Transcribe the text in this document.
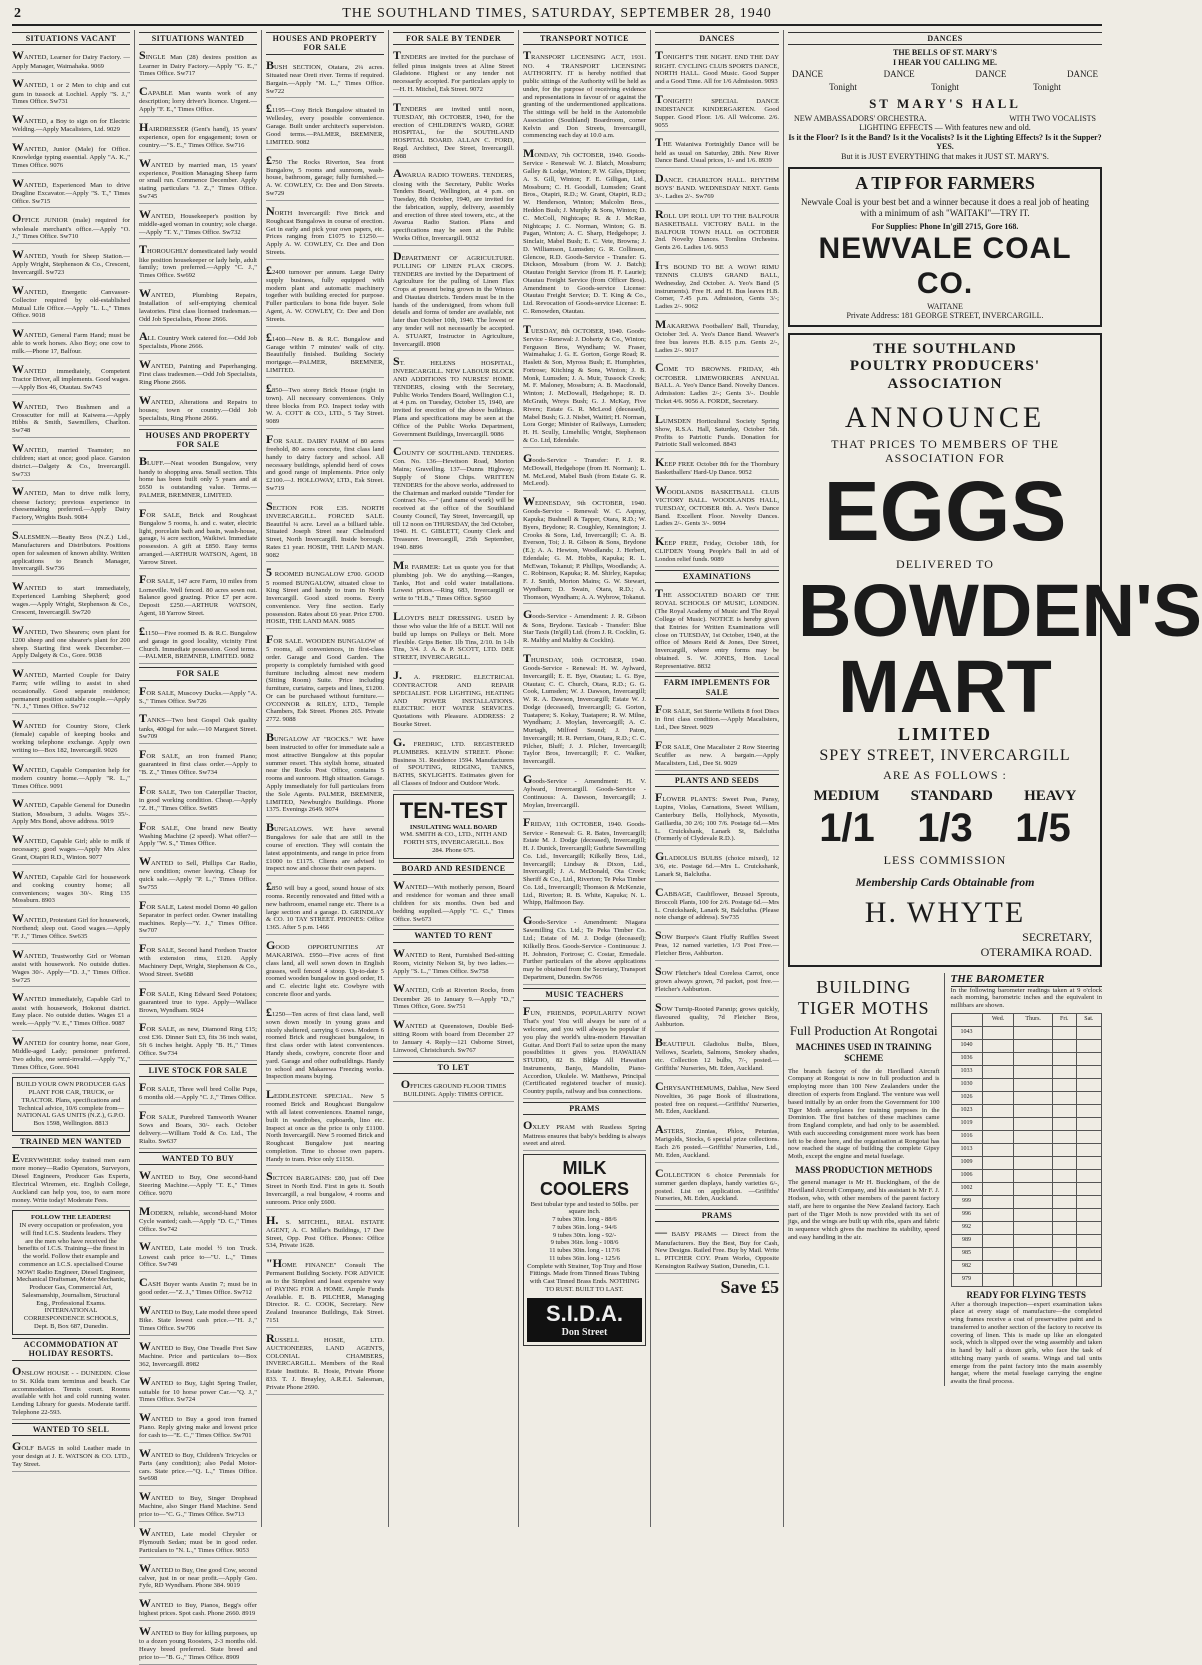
2	THE SOUTHLAND TIMES, SATURDAY, SEPTEMBER 28, 1940
SITUATIONS VACANT
WANTED, Learner for Dairy Factory. —Apply Manager, Waimahaka. 9069
WANTED, 1 or 2 Men to chip and cut gum in tussock at Lochiel. Apply "S. J.," Times Office. Sw731
WANTED, a Boy to sign on for Electric Welding.—Apply Macalisters, Ltd. 9029
WANTED, Junior (Male) for Office. Knowledge typing essential. Apply "A. K.," Times Office. 9076
WANTED, Experienced Man to drive Dragline Excavator.—Apply "S. T.," Times Office. Sw715
OFFICE JUNIOR (male) required for wholesale merchant's office.—Apply "O. J.," Times Office. Sw710
WANTED, Youth for Sheep Station.—Apply Wright, Stephenson & Co., Crescent, Invercargill. Sw723
WANTED, Energetic Canvasser-Collector required by old-established Mutual Life Office.—Apply "L. L.," Times Office. 9018
WANTED, General Farm Hand; must be able to work horses. Also Boy; one cow to milk.—Phone 17, Balfour.
WANTED immediately, Competent Tractor Driver, all implements. Good wages.—Apply Box 46, Otautau. Sw743
WANTED, Two Bushmen and a Crosscutter for mill at Kaiwera.—Apply Hibbs & Smith, Sawmillers, Charlton. Sw748
WANTED, married Teamster; no children; start at once; good place. Garston district.—Dalgety & Co., Invercargill. Sw733
WANTED, Man to drive milk lorry, cheese factory; previous experience in cheesemaking preferred.—Apply Dairy Factory, Wrights Bush. 9084
SALESMEN.—Beatty Bros (N.Z.) Ltd., Manufacturers and Distributors. Positions open for salesmen of known ability. Written applications to Branch Manager, Invercargill. Sw736
WANTED to start immediately, Experienced Lambing Shepherd; good wages.—Apply Wright, Stephenson & Co., Crescent, Invercargill. Sw720
WANTED, Two Shearers; own plant for 1200 sheep and one shearer's plant for 200 sheep. Starting first week December.—Apply Dalgety & Co., Gore. 9038
WANTED, Married Couple for Dairy Farm; wife willing to assist in shed occasionally. Good separate residence; permanent position suitable couple.—Apply "N. J.," Times Office. Sw712
WANTED for Country Store, Clerk (female) capable of keeping books and working telephone exchange. Apply own writing to—Box 182, Invercargill. 9026
WANTED, Capable Companion help for modern country home.—Apply "R. L.," Times Office. 9091
WANTED, Capable General for Dunedin Station, Mossburn, 3 adults. Wages 35/-. Apply Mrs Bond, above address. 9019
WANTED, Capable Girl; able to milk if necessary; good wages.—Apply Mrs Alex Grant, Otapiri R.D., Winton. 9077
WANTED, Capable Girl for housework and cooking country home; all conveniences; wages 30/-. Ring 135 Mossburn. 8903
WANTED, Protestant Girl for housework, Northend; sleep out. Good wages.—Apply "F. J.," Times Office. Sw635
WANTED, Trustworthy Girl or Woman assist with housework. No outside duties. Wages 30/-. Apply—"D. J.," Times Office. Sw725
WANTED immediately, Capable Girl to assist with housework, Hokonui district. Easy place. No outside duties. Wages £1 a week.—Apply "V. E.," Times Office. 9087
WANTED for country home, near Gore, Middle-aged Lady; pensioner preferred. Two adults, one semi-invalid.—Apply "Y.," Times Office, Gore. 9041
BUILD YOUR OWN PRODUCER GAS PLANT FOR CAR, TRUCK, or TRACTOR. Plans, specifications and Technical advice, 10/6 complete from—NATIONAL GAS UNITS (N.Z.), G.P.O. Box 1598, Wellington. 8813
TRAINED MEN WANTED
EVERYWHERE today trained men earn more money—Radio Operators, Surveyors, Diesel Engineers, Producer Gas Experts, Electrical Wiremen, etc. English College, Auckland can help you, too, to earn more money. Write today! Moderate Fees.
FOLLOW THE LEADERS!
IN every occupation or profession, you will find I.C.S. Students leaders. They are the men who have received the benefits of I.C.S. Training—the finest in the world. Follow their example and commence an I.C.S. specialised Course NOW! Radio Engineer, Diesel Engineer, Mechanical Draftsman, Motor Mechanic, Producer Gas, Commercial Art, Salesmanship, Journalism, Structural Eng., Professional Exams. INTERNATIONAL CORRESPONDENCE SCHOOLS, Dept. B, Box 687, Dunedin.
ACCOMMODATION AT HOLIDAY RESORTS.
ONSLOW HOUSE - - DUNEDIN. Close to St. Kilda tram terminus and beach. Car accommodation. Tennis court. Rooms available with hot and cold running water. Lending Library for guests. Moderate tariff. Telephone 22-593.
WANTED TO SELL
GOLF BAGS in solid Leather made in your design at J. E. WATSON & CO. LTD., Tay Street.
SITUATIONS WANTED
SINGLE Man (28) desires position as Learner in Dairy Factory.—Apply "G. E.," Times Office. Sw717
CAPABLE Man wants work of any description; lorry driver's licence. Urgent.—Apply "F. E.," Times Office.
HAIRDRESSER (Gent's hand), 15 years' experience, open for engagement; town or country.—"S. E.," Times Office. Sw716
WANTED by married man, 15 years' experience, Position Managing Sheep farm or small run. Commence December. Apply stating particulars "J. Z.," Times Office. Sw745
WANTED, Housekeeper's position by middle-aged woman in country; sole charge.—Apply "T. Y.," Times Office. Sw732
THOROUGHLY domesticated lady would like position housekeeper or lady help, adult family; town preferred.—Apply "C. J.," Times Office. Sw692
WANTED, Plumbing Repairs, Installation of self-emptying chemical lavatories. First class licensed tradesman.—Odd Job Specialists, Phone 2666.
ALL Country Work catered for.—Odd Job Specialists, Phone 2666.
WANTED, Painting and Paperhanging. First class tradesmen.—Odd Job Specialists, Ring Phone 2666.
WANTED, Alterations and Repairs to houses; town or country.—Odd Job Specialists, Ring Phone 2666.
HOUSES AND PROPERTY FOR SALE
BLUFF.—Neat wooden Bungalow, very handy to shopping area. Small section. This home has been built only 5 years and at £650 is outstanding value. Terms.—PALMER, BREMNER, LIMITED.
FOR SALE, Brick and Roughcast Bungalow 5 rooms, h. and c. water, electric light, porcelain bath and basin, wash-house, garage, ¼ acre section, Waikiwi. Immediate possession. A gift at £850. Easy terms arranged.—ARTHUR WATSON, Agent, 18 Yarrow Street.
FOR SALE, 147 acre Farm, 10 miles from Lorneville. Well fenced. 80 acres sown out. Balance good grazing. Price £7 per acre. Deposit £250.—ARTHUR WATSON, Agent, 18 Yarrow Street.
£1150—Five roomed B. & R.C. Bungalow and garage in good locality, vicinity First Church. Immediate possession. Good terms.—PALMER, BREMNER, LIMITED. 9082
FOR SALE
FOR SALE, Muscovy Ducks.—Apply "A. S.," Times Office. Sw726
TANKS—Two best Gospel Oak quality tanks, 400gal for sale.—10 Margaret Street. Sw709
FOR SALE, an iron framed Piano; guaranteed in first class order.—Apply to "B. Z.," Times Office. Sw734
FOR SALE, Two ton Caterpillar Tractor, in good working condition. Cheap.—Apply "Z. H.," Times Office. Sw685
FOR SALE, One brand new Beatty Washing Machine (2 speed). What offer?—Apply "W. S.," Times Office.
WANTED to Sell, Phillips Car Radio, new condition; owner leaving. Cheap for quick sale.—Apply "P. L.," Times Office. Sw755
FOR SALE, Latest model Domo 40 gallon Separator in perfect order. Owner installing machines. Reply—"Y. J.," Times Office. Sw707
FOR SALE, Second hand Fordson Tractor with extension rims, £120. Apply Machinery Dept, Wright, Stephenson & Co., Wood Street. Sw688
FOR SALE, King Edward Seed Potatoes; guaranteed true to type. Apply—Wallace Brown, Wyndham. 9024
FOR SALE, as new, Diamond Ring £15; cost £36. Dinner Suit £3, fits 36 inch waist, 5ft 6 inches height. Apply "B. H.," Times Office. Sw734
LIVE STOCK FOR SALE
FOR SALE, Three well bred Collie Pups, 6 months old.—Apply "C. J.," Times Office.
FOR SALE, Purebred Tamworth Weaner Sows and Boars, 30/- each. October delivery.—William Todd & Co. Ltd., The Rialto. Sw637
WANTED TO BUY
WANTED to Buy, One second-hand Steering Machine.—Apply "T. E.," Times Office. 9070
MODERN, reliable, second-hand Motor Cycle wanted; cash.—Apply "D. C.," Times Office. Sw742
WANTED, Late model ½ ton Truck. Lowest cash price to—"U. L.," Times Office. Sw749
CASH Buyer wants Austin 7; must be in good order.—"Z. J.," Times Office. Sw712
WANTED to Buy, Late model three speed Bike. State lowest cash price.—"H. J.," Times Office. Sw706
WANTED to Buy, One Treadle Fret Saw Machine. Price and particulars to—Box 362, Invercargill. 8982
WANTED to Buy, Light Spring Trailer, suitable for 10 horse power Car.—"Q. J.," Times Office. Sw724
WANTED to Buy a good iron framed Piano. Reply giving make and lowest price for cash to—"E. C.," Times Office. Sw701
WANTED to Buy, Children's Tricycles or Parts (any condition); also Pedal Motor-cars. State price.—"Q. L.," Times Office. Sw698
WANTED to Buy, Singer Drophead Machine, also Singer Hand Machine. Send price to—"C. G.," Times Office. Sw713
WANTED, Late model Chrysler or Plymouth Sedan; must be in good order. Particulars to "N. L.," Times Office. 9053
WANTED to Buy, One good Cow, second calver, just in or near profit.—Apply Geo. Fyfe, RD Wyndham. Phone 384. 9019
WANTED to Buy, Pianos, Begg's offer highest prices. Spot cash. Phone 2660. 8919
WANTED to Buy for killing purposes, up to a dozen young Roosters, 2-3 months old. Heavy breed preferred. State breed and price to—"B. G.," Times Office. 8909
HOUSES AND PROPERTY FOR SALE
BUSH SECTION, Otatara, 2¼ acres. Situated near Oreti river. Terms if required. Bargain.—Apply "M. L.," Times Office. Sw722
£1195—Cosy Brick Bungalow situated in Wellesley, every possible convenience. Garage. Built under architect's supervision. Good terms.—PALMER, BREMNER, LIMITED. 9082
£750 The Rocks Riverton, Sea front Bungalow, 5 rooms and sunroom, wash-house, bathroom, garage; fully furnished.—A. W. COWLEY, Cr. Dee and Don Streets. Sw729
NORTH Invercargill: Five Brick and Roughcast Bungalows in course of erection. Get in early and pick your own papers, etc. Prices ranging from £1075 to £1250.—Apply A. W. COWLEY, Cr. Dee and Don Streets.
£2400 turnover per annum. Large Dairy supply business, fully equipped with modern plant and automatic machinery together with building erected for purpose. Fuller particulars to bona fide buyer. Sole Agent, A. W. COWLEY, Cr. Dee and Don Streets.
£1400—New B. & R.C. Bungalow and Garage within 7 minutes' walk of city. Beautifully finished. Building Society mortgage.—PALMER, BREMNER, LIMITED.
£850—Two storey Brick House (right in town). All necessary conveniences. Only three blocks from P.O. Inspect today with W. A. COTT & CO., LTD., 5 Tay Street. 9089
FOR SALE. DAIRY FARM of 80 acres freehold, 80 acres concrete, first class land handy to dairy factory and school. All necessary buildings, splendid herd of cows and good range of implements. Price only £2100.—J. HOLLOWAY, LTD., Esk Street. Sw719
SECTION FOR £35. NORTH INVERCARGILL. FORCED SALE. Beautiful ¼ acre. Level as a billiard table. Situated Joseph Street near Chelmsford Street, North Invercargill. Inside borough. Rates £1 year. HOSIE, THE LAND MAN. 9082
5 ROOMED BUNGALOW £700. GOOD 5 roomed BUNGALOW, situated close to King Street and handy to tram in North Invercargill. Good sized rooms. Every convenience. Very fine section. Early possession. Rates about £6 year. Price £700. HOSIE, THE LAND MAN. 9085
FOR SALE. WOODEN BUNGALOW of 5 rooms, all conveniences, in first-class order. Garage and Good Garden. The property is completely furnished with good furniture including almost new modern (Sitting Room) Suite. Price including furniture, curtains, carpets and lines, £1200. Or can be purchased without furniture.—O'CONNOR & RILEY, LTD., Temple Chambers, Esk Street. Phones 265. Private 2772. 9088
BUNGALOW AT "ROCKS." WE have been instructed to offer for immediate sale a most attractive Bungalow at this popular summer resort. This stylish home, situated near the Rocks Post Office, contains 5 rooms and sunroom. High situation. Garage. Apply immediately for full particulars from the Sole Agents. PALMER, BREMNER, LIMITED, Newburgh's Buildings. Phone 1375. Evenings 2649. 9074
BUNGALOWS. WE have several Bungalows for sale that are still in the course of erection. They will contain the latest appointments, and range in price from £1000 to £1175. Clients are advised to inspect now and choose their own papers.
£850 will buy a good, sound house of six rooms. Recently renovated and fitted with a new bathroom, enamel range etc. There is a large section and a garage. D. GRINDLAY & CO. 10 TAY STREET. PHONES: Office 1365. After 5 p.m. 1466
GOOD OPPORTUNITIES AT MAKARIWA. £950—Five acres of first class land, all well sown down in English grasses, well fenced 4 stoop. Up-to-date 5 roomed wooden bungalow in good order, H. and C. electric light etc. Cowbyre with concrete floor and yards.
£1250—Ten acres of first class land, well sown down mostly in young grass and nicely sheltered, carrying 6 cows. Modern 6 roomed Brick and roughcast bungalow, in first class order with latest conveniences. Handy sheds, cowbyre, concrete floor and yard. Garage and other outbuildings. Handy to school and Makarewa Freezing works. Inspection means buying.
LEDDLESTONE SPECIAL. New 5 roomed Brick and Roughcast Bungalow with all latest conveniences. Enamel range, built in wardrobes, cupboards, lino etc. Inspect at once as the price is only £1100. North Invercargill. New 5 roomed Brick and Roughcast Bungalow just nearing completion. Time to choose own papers. Handy to tram. Price only £1150.
SICTON BARGAINS: £80, just off Dee Street in North End. First in gets it. South Invercargill, a real bungalow, 4 rooms and sunroom. Price only £600.
H. S. MITCHEL, REAL ESTATE AGENT, A. C. Millar's Buildings, 17 Dee Street, Opp. Post Office. Phones: Office 534, Private 1628.
"HOME FINANCE" Consult The Permanent Building Society. FOR ADVICE as to the Simplest and least expensive way of PAYING FOR A HOME. Ample Funds Available. E. B. PILCHER, Managing Director. R. C. COOK, Secretary. New Zealand Insurance Buildings, Esk Street. 7151
RUSSELL HOSIE, LTD. AUCTIONEERS, LAND AGENTS, COLONIAL CHAMBERS, INVERCARGILL. Members of the Real Estate Institute. R. Hosie, Private Phone 833. T. J. Breayley, A.R.E.I. Salesman, Private Phone 2690.
FOR SALE BY TENDER
TENDERS are invited for the purchase of felled pinus insignis trees at Aline Street Gladstone. Highest or any tender not necessarily accepted. For particulars apply to—H. H. Mitchel, Esk Street. 9072
TENDERS are invited until noon, TUESDAY, 8th OCTOBER, 1940, for the erection of CHILDREN'S WARD, GORE HOSPITAL, for the SOUTHLAND HOSPITAL BOARD. ALLAN C. FORD, Regd. Architect, Dee Street, Invercargill. 8988
AWARUA RADIO TOWERS. TENDERS, closing with the Secretary, Public Works Tenders Board, Wellington, at 4 p.m. on Tuesday, 8th October, 1940, are invited for the fabrication, supply, delivery, assembly and erection of three steel towers, etc., at the Awarua Radio Station. Plans and specifications may be seen at the Public Works Office, Invercargill. 9032
DEPARTMENT OF AGRICULTURE. PULLING OF LINEN FLAX CROPS. TENDERS are invited by the Department of Agriculture for the pulling of Linen Flax Crops at present being grown in the Winton and Otautau districts. Tenders must be in the hands of the undersigned, from whom full details and forms of tender are available, not later than October 10th, 1940. The lowest or any tender will not necessarily be accepted. A. STUART, Instructor in Agriculture, Invercargill. 8908
ST. HELENS HOSPITAL, INVERCARGILL. NEW LABOUR BLOCK AND ADDITIONS TO NURSES' HOME. TENDERS, closing with the Secretary, Public Works Tenders Board, Wellington C.1, at 4 p.m. on Tuesday, October 15, 1940, are invited for erection of the above buildings. Plans and specifications may be seen at the Office of the Public Works Department, Government Buildings, Invercargill. 9086
COUNTY OF SOUTHLAND. TENDERS. Con. No. 136—Hewitson Road, Morton Mains; Gravelling. 137—Dunns Highway; Supply of Stone Chips. WRITTEN TENDERS for the above works, addressed to the Chairman and marked outside "Tender for Contract No. —" (and name of work) will be received at the office of the Southland County Council, Tay Street, Invercargill, up till 12 noon on THURSDAY, the 3rd October, 1940. H. C. GIBLETT, County Clerk and Treasurer. Invercargill, 25th September, 1940. 8896
MR FARMER: Let us quote you for that plumbing job. We do anything.—Ranges, Tanks, Hot and cold water installations. Lowest prices.—Ring 683, Invercargill or write to "H.B.," Times Office. Sg560
LLOYD'S BELT DRESSING. USED by those who value the life of a BELT. Will not build up lumps on Pulleys or Belt. More Flexible. Grips Better. 1lb Tins, 2/10. In 1-lb Tins, 3/4. J. A. & P. SCOTT, LTD. DEE STREET, INVERCARGILL.
J. A. FREDRIC. ELECTRICAL CONTRACTOR AND REPAIR SPECIALIST. FOR LIGHTING, HEATING AND POWER INSTALLATIONS. ELECTRIC HOT WATER SERVICES. Quotations with Pleasure. ADDRESS: 2 Bourke Street.
G. FREDRIC, LTD. REGISTERED PLUMBERS. KELVIN STREET. Phone: Business 31. Residence 1594. Manufacturers of SPOUTING, RIDGING, TANKS, BATHS, SKYLIGHTS. Estimates given for all Classes of Indoor and Outdoor Work.
TEN-TEST
INSULATING WALL BOARD
WM. SMITH & CO., LTD., NITH AND FORTH STS, INVERCARGILL. Box 284. Phone 675.
BOARD AND RESIDENCE
WANTED—With motherly person, Board and residence for woman and three small children for six months. Own bed and bedding supplied.—Apply "C. C.," Times Office. Sw673
WANTED TO RENT
WANTED to Rent, Furnished Bed-sitting Room, vicinity Nelson St, by two ladies.—Apply "S. L.," Times Office. Sw758
WANTED, Crib at Riverton Rocks, from December 26 to January 9.—Apply "D.," Times Office, Gore. Sw751
WANTED at Queenstown, Double Bed-sitting Room with board from December 27 to January 4. Reply—121 Osborne Street, Linwood, Christchurch. Sw767
TO LET
OFFICES GROUND FLOOR TIMES BUILDING. Apply: TIMES OFFICE.
TRANSPORT NOTICE
TRANSPORT LICENSING ACT, 1931. NO. 4 TRANSPORT LICENSING AUTHORITY. IT is hereby notified that public sittings of the Authority will be held as under, for the purpose of receiving evidence and representations in favour of or against the granting of the undermentioned applications. The sittings will be held in the Automobile Association (Southland) Boardroom, corner Kelvin and Don Streets, Invercargill, commencing each day at 10.0 a.m.
MONDAY, 7th OCTOBER, 1940. Goods-Service - Renewal: W. J. Blatch, Mossburn; Galley & Lodge, Winton; P. W. Giles, Dipton; A. S. Gill, Winton; F. E. Gilligan, Ltd., Mossburn; C. H. Goodall, Lumsden; Grant Bros., Otapiri, R.D.; W. Grant, Otapiri, R.D.; W. Henderson, Winton; Malcolm Bros., Heddon Bush; J. Murphy & Sons, Winton; D. C. McColl, Nightcaps; R. & J. McRae, Nightcaps; J. C. Norman, Winton; G. B. Pagan, Winton; A. C. Sharp, Hedgehope; J. Sinclair, Mabel Bush; E. C. Vete, Browns; J. D. Williamson, Lumsden; G. R. Collinson, Glencoe, R.D. Goods-Service - Transfer: G. Dickson, Mossburn (from W. J. Batch); Otautau Freight Service (from H. F. Laurie); Otautau Freight Service (from Officer Bros). Amendment to Goods-service License: Otautau Freight Service; D. T. King & Co., Ltd. Revocation of Goods-service License: E. C. Renowden, Otautau.
TUESDAY, 8th OCTOBER, 1940. Goods-Service - Renewal: J. Doherty & Co., Winton; Ferguson Bros, Wyndham; W. Fraser, Waimahaka; J. G. E. Gorton, Gorge Road; R. Haslett & Son, Myross Bush; E. Humphries, Fortrose; Kitching & Sons, Winton; J. B. Monk, Lumsden; J. A. Muir, Tussock Creek; M. F. Maloney, Mossburn; A. B. Macdonald, Winton; J. McDowall, Hedgehope; R. D. McGrath, Wreys Bush; G. J. McKay, Five Rivers; Estate G. R. McLeod (deceased), Mabel Bush; G. J. Nisbet, Waitiri; H. Norman, Lora Gorge; Minister of Railways, Lumsden; H. H. Scully, Limehills; Wright, Stephenson & Co. Ltd, Edendale.
Goods-Service - Transfer: F. J. R. McDowall, Hedgehope (from H. Norman); L. M. McLeod, Mabel Bush (from Estate G. R. McLeod).
WEDNESDAY, 9th OCTOBER, 1940. Goods-Service - Renewal: W. C. Aspray, Kapuka; Bushnell & Tapper, Otara, R.D.; W. Byers, Brydone; R. Coughley, Kennington; J. Crooks & Sons, Ltd, Invercargill; C. A. B. Everson, Toi; J. R. Gibson & Sons, Brydone (E.); A. A. Hewton, Woodlands; J. Herbert, Edendale; G. M. Hobbs, Kapuka; R. L. McEwan, Tokanui; P. Phillips, Woodlands; A. C. Robinson, Kapuka; R. M. Shirley, Kapuka; F. J. Smith, Morton Mains; G. W. Stewart, Wyndham; D. Swain, Otara, R.D.; A. Thomson, Wyndham; A. A. Wybrow, Tokanui.
Goods-Service - Amendment: J. R. Gibson & Sons, Brydone. Taxicab - Transfer: Blue Star Taxis (In'gill) Ltd. (from J. R. Cocklin, G. R. Maltby and Maltby & Cocklin).
THURSDAY, 10th OCTOBER, 1940. Goods-Service - Renewal: H. W. Aylward, Invercargill; E. E. Bye, Otautau; L. G. Bye, Otautau; C. C. Church, Otara, R.D.; G. G. Cook, Lumsden; W. J. Dawson, Invercargill; W. R. A. Dawson, Invercargill; Estate W. J. Dodge (deceased), Invercargill; G. Gorton, Tuatapere; S. Kokay, Tuatapere; R. W. Milne, Wyndham; J. Moylan, Invercargill; A. C. Murtagh, Milford Sound; J. Paton, Invercargill; H. R. Perriam, Otara, R.D.; C. C. Pilcher, Bluff; J. J. Pilcher, Invercargill; Taylor Bros, Invercargill; F. C. Walker, Invercargill.
Goods-Service - Amendment: H. V. Aylward, Invercargill. Goods-Service - Continuous: A. Dawson, Invercargill; J. Moylan, Invercargill.
FRIDAY, 11th OCTOBER, 1940. Goods-Service - Renewal: G. R. Bates, Invercargill; Estate M. J. Dodge (deceased), Invercargill; H. J. Dunick, Invercargill; Guthrie Sawmilling Co. Ltd., Invercargill; Kilkelly Bros, Ltd., Invercargill; Lindsay & Dixon, Ltd., Invercargill; J. A. McDonald, Ota Creek; Sheriff & Co., Ltd., Riverton; Te Peka Timber Co. Ltd., Invercargill; Thomson & McKenzie, Ltd., Riverton; R. B. White, Kapuka; N. L. Whipp, Halfmoon Bay.
Goods-Service - Amendment: Niagara Sawmilling Co. Ltd.; Te Peka Timber Co. Ltd.; Estate of M. J. Dodge (deceased); Kilkelly Bros. Goods-Service - Continuous: J. H. Johnston, Fortrose; C. Costar, Ermedale. Further particulars of the above applications may be obtained from the Secretary, Transport Department, Dunedin. Sw766
MUSIC TEACHERS
FUN, FRIENDS, POPULARITY NOW! That's you! You will always be sure of a welcome, and you will always be popular if you play the world's ultra-modern Hawaiian Guitar. And Don't Fail to seize upon the many possibilities it gives you. HAWAIIAN STUDIO, 82 B. Bldgs All Hawaiian Instruments, Banjo, Mandolin, Piano-Accordion, Ukulele. W. Matthews, Principal (Certificated registered teacher of music). Country pupils, railway and bus connections.
PRAMS
OXLEY PRAM with Rustless Spring Mattress ensures that baby's bedding is always sweet and aired.
MILK COOLERS
Best tubular type and tested to 50lbs. per square inch.
7 tubes 30in. long - 88/6
7 tubes 36in. long - 94/6
9 tubes 30in. long - 92/-
9 tubes 36in. long - 108/6
11 tubes 30in. long - 117/6
11 tubes 36in. long - 125/6
Complete with Strainer, Top Tray and Hose Fittings. Made from Tinned Brass Tubing with Cast Tinned Brass Ends. NOTHING TO RUST. BUILT TO LAST.
S.I.D.A.
Don Street
DANCES
TONIGHT'S THE NIGHT. END THE DAY RIGHT. CYCLING CLUB SPORTS DANCE, NORTH HALL. Good Music. Good Supper and a Good Time. All for 1/6 Admission. 9093
TONIGHT!! SPECIAL DANCE INDISTANCE KINDERGARTEN. Good Supper. Good Floor. 1/6. All Welcome. 2/6. 9055
THE Waianiwa Fortnightly Dance will be held as usual on Saturday, 28th. New River Dance Band. Usual prices, 1/- and 1/6. 8939
DANCE. CHARLTON HALL. RHYTHM BOYS' BAND. WEDNESDAY NEXT. Gents 3/-. Ladies 2/-. Sw769
ROLL UP! ROLL UP! TO THE BALFOUR BASKETBALL VICTORY BALL in the BALFOUR TOWN HALL on OCTOBER 2nd. Novelty Dances. Tomlins Orchestra. Gents 2/6. Ladies 1/6. 9053
IT'S BOUND TO BE A WOW! RIMU TENNIS CLUB'S GRAND BALL, Wednesday, 2nd October. A. Yeo's Band (5 instruments). Free H. and H. Bus leaves H.B. Corner, 7.45 p.m. Admission, Gents 3/-; Ladies 2/-. 9062
MAKAREWA Footballers' Ball, Thursday, October 3rd. A. Yeo's Dance Band. Weaver's free bus leaves H.B. 8.15 p.m. Gents 2/-, Ladies 2/-. 9017
COME TO BROWNS. FRIDAY, 4th OCTOBER. LIMEWORKERS ANNUAL BALL. A. Yeo's Dance Band. Novelty Dances. Admission: Ladies 2/-; Gents 3/-. Double Ticket 4/6. 9056 A. FORDE, Secretary.
LUMSDEN Horticultural Society Spring Show, R.S.A. Hall, Saturday, October 5th. Profits to Patriotic Funds. Donation for Patriotic Stall welcomed. 8843
KEEP FREE October 8th for the Thornbury Basketballers' Hard-Up Dance. 9052
WOODLANDS BASKETBALL CLUB VICTORY BALL. WOODLANDS HALL, TUESDAY, OCTOBER 8th. A. Yeo's Dance Band. Excellent Floor. Novelty Dances. Ladies 2/-. Gents 3/-. 9094
KEEP FREE, Friday, October 18th, for CLIFDEN Young People's Ball in aid of London relief funds. 9089
EXAMINATIONS
THE ASSOCIATED BOARD OF THE ROYAL SCHOOLS OF MUSIC, LONDON. (The Royal Academy of Music and The Royal College of Music). NOTICE is hereby given that Entries for Written Examinations will close on TUESDAY, 1st October, 1940, at the office of Messrs Reid & Jones, Dee Street, Invercargill, where entry forms may be obtained. S. W. JONES, Hon. Local Representative. 8832
FARM IMPLEMENTS FOR SALE
FOR SALE, Set Sterrie Willetts 8 foot Discs in first class condition.—Apply Macalisters, Ltd., Dee Street. 9029
FOR SALE, One Macalister 2 Row Steering Scuffler as new. A bargain.—Apply Macalisters, Ltd., Dee St. 9029
PLANTS AND SEEDS
FLOWER PLANTS: Sweet Peas, Pansy, Lupins, Violas, Carnations, Sweet William, Canterbury Bells, Hollyhock, Myosotis, Gaillardia, 30 2/6; 100 7/6. Postage 6d.—Mrs L. Cruickshank, Lanark St, Balclutha (Formerly of Clydevale R.D.).
GLADIOLUS BULBS (choice mixed), 12 3/6, etc. Postage 6d.—Mrs L. Cruickshank, Lanark St, Balclutha.
CABBAGE, Cauliflower, Brussel Sprouts, Broccoli Plants, 100 for 2/6. Postage 6d.—Mrs L. Cruickshank, Lanark St, Balclutha. (Please note change of address). Sw735
SOW Burpee's Giant Fluffy Ruffles Sweet Peas, 12 named varieties, 1/3 Post Free.—Fletcher Bros, Ashburton.
SOW Fletcher's Ideal Coreless Carrot, once grown always grown, 7d packet, post free.—Fletcher's Ashburton.
SOW Turnip-Rooted Parsnip; grows quickly, flavoured quality, 7d Fletcher Bros, Ashburton.
BEAUTIFUL Gladiolus Bulbs, Blues, Yellows, Scarlets, Salmons, Smokey shades, etc. Collection 12 bulbs, 7/-, posted.—Griffiths' Nurseries, Mt. Eden, Auckland.
CHRYSANTHEMUMS, Dahlias, New Seed Novelties, 36 page Book of illustrations, posted free on request.—Griffiths' Nurseries, Mt. Eden, Auckland.
ASTERS, Zinnias, Phlox, Petunias, Marigolds, Stocks, 6 special prize collections. Each 2/6 posted.—Griffiths' Nurseries, Ltd., Mt. Eden, Auckland.
COLLECTION 6 choice Perennials for summer garden displays, handy varieties 6/-, posted. List on application. —Griffiths' Nurseries, Mt. Eden, Auckland.
PRAMS
— BABY PRAMS — Direct from the Manufacturers. Buy the Best, Buy for Cash, New Designs. Railed Free. Buy by Mail. Write L. PITCHER COY. Pram Works, Opposite Kensington Railway Station, Dunedin, C.1.
Save £5
DANCES
THE BELLS OF ST. MARY'S
I HEAR YOU CALLING ME.
DANCE	DANCE	DANCE	DANCE
Tonight	Tonight	Tonight
ST MARY'S HALL
NEW AMBASSADORS' ORCHESTRA.	WITH TWO VOCALISTS
LIGHTING EFFECTS — With features new and old.
Is it the Floor? Is it the Band? Is it the Vocalists? Is it the Lighting Effects? Is it the Supper?
YES.
But it is JUST EVERYTHING that makes it JUST ST. MARY'S.
A TIP FOR FARMERS
Newvale Coal is your best bet and a winner because it does a real job of heating with a minimum of ash "WAITAKI"—TRY IT.
For Supplies: Phone In'gill 2715, Gore 168.
NEWVALE COAL CO.
WAITANE
Private Address: 181 GEORGE STREET, INVERCARGILL.
THE SOUTHLAND
POULTRY PRODUCERS' ASSOCIATION
ANNOUNCE
THAT PRICES TO MEMBERS OF THE ASSOCIATION FOR
EGGS
DELIVERED TO
BOWDEN'S
MART
LIMITED
SPEY STREET, INVERCARGILL
ARE AS FOLLOWS :
MEDIUM STANDARD HEAVY
1/1 1/3 1/5
LESS COMMISSION
Membership Cards Obtainable from
H. WHYTE
SECRETARY,
OTERAMIKA ROAD.
BUILDING TIGER MOTHS
Full Production At Rongotai
MACHINES USED IN TRAINING SCHEME
The branch factory of the de Havilland Aircraft Company at Rongotai is now in full production and is employing more than 100 New Zealanders under the direction of experts from England. The venture was well based initially by an order from the Government for 100 Tiger Moth aeroplanes for training purposes in the Dominion. The first batches of these machines came from England complete, and had only to be assembled. With each succeeding consignment more work has been left to be done here, and the organisation at Rongotai has now reached the stage of building the complete Gipsy Moth, except the engine and metal fuselage.
MASS PRODUCTION METHODS
The general manager is Mr H. Buckingham, of the de Havilland Aircraft Company, and his assistant is Mr F. J. Hodson, who, with other members of the parent factory staff, are here to organise the New Zealand factory. Each part of the Tiger Moth is now provided with its set of jigs, and the wings are built up with ribs, spars and fabric in sequence which gives the machine its stability, speed and easy handling in the air.
THE BAROMETER
In the following barometer readings taken at 9 o'clock each morning, barometric inches and the equivalent in millibars are shown.
	Wed.	Thurs.	Fri.	Sat.
1043				
1040				
1036				
1033				
1030				
1026				
1023				
1019				
1016				
1013				
1009				
1006				
1002				
999				
996				
992				
989				
985				
982				
979				
READY FOR FLYING TESTS
After a thorough inspection—expert examination takes place at every stage of manufacture—the completed wing frames receive a coat of preservative paint and is transferred to another section of the factory to receive its covering of linen. This is made up like an elongated sock, which is slipped over the wing assembly and taken in hand by half a dozen girls, who face the task of stitching many yards of seams. Wings and tail units emerge from the paint factory into the main assembly hangar, where the metal fuselage carrying the engine awaits the final process.
